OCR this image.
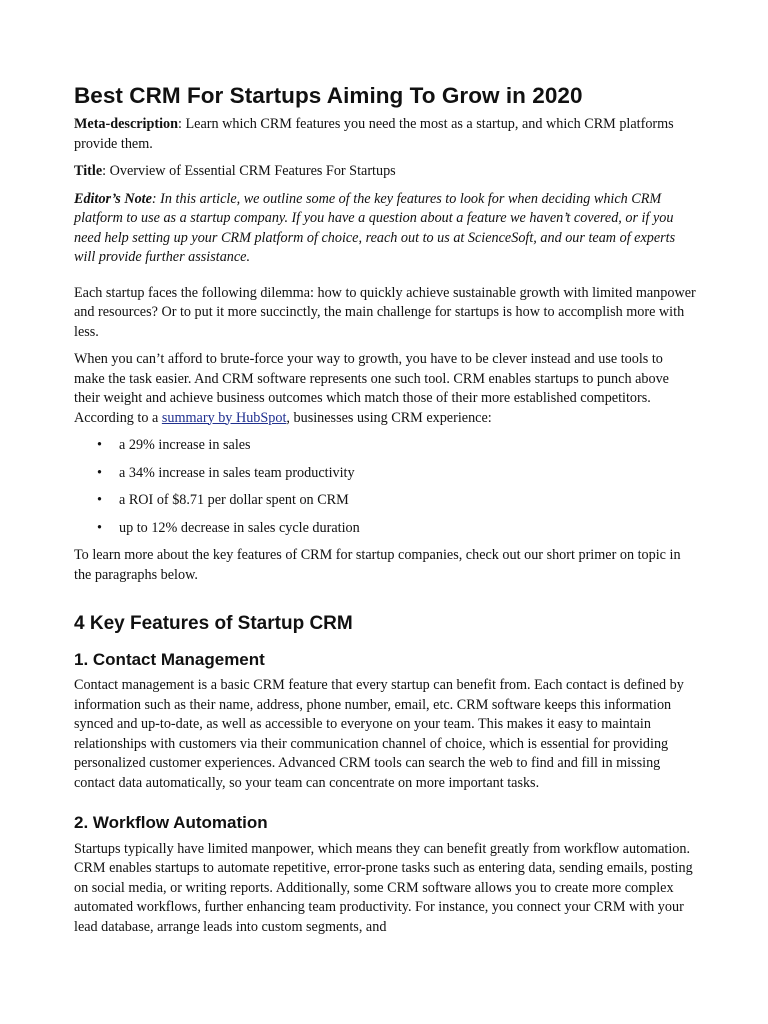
Best CRM For Startups Aiming To Grow in 2020

Meta-description: Learn which CRM features you need the most as a startup, and which CRM platforms provide them.

Title: Overview of Essential CRM Features For Startups

Editor’s Note: In this article, we outline some of the key features to look for when deciding which CRM platform to use as a startup company. If you have a question about a feature we haven’t covered, or if you need help setting up your CRM platform of choice, reach out to us at ScienceSoft, and our team of experts will provide further assistance.

Each startup faces the following dilemma: how to quickly achieve sustainable growth with limited manpower and resources? Or to put it more succinctly, the main challenge for startups is how to accomplish more with less.

When you can’t afford to brute-force your way to growth, you have to be clever instead and use tools to make the task easier. And CRM software represents one such tool. CRM enables startups to punch above their weight and achieve business outcomes which match those of their more established competitors. According to a summary by HubSpot, businesses using CRM experience:

•	a 29% increase in sales
•	a 34% increase in sales team productivity
•	a ROI of $8.71 per dollar spent on CRM
•	up to 12% decrease in sales cycle duration

To learn more about the key features of CRM for startup companies, check out our short primer on topic in the paragraphs below.

4 Key Features of Startup CRM
1. Contact Management

Contact management is a basic CRM feature that every startup can benefit from. Each contact is defined by information such as their name, address, phone number, email, etc. CRM software keeps this information synced and up-to-date, as well as accessible to everyone on your team. This makes it easy to maintain relationships with customers via their communication channel of choice, which is essential for providing personalized customer experiences. Advanced CRM tools can search the web to find and fill in missing contact data automatically, so your team can concentrate on more important tasks.

2. Workflow Automation

Startups typically have limited manpower, which means they can benefit greatly from workflow automation. CRM enables startups to automate repetitive, error-prone tasks such as entering data, sending emails, posting on social media, or writing reports. Additionally, some CRM software allows you to create more complex automated workflows, further enhancing team productivity. For instance, you connect your CRM with your lead database, arrange leads into custom segments, and
